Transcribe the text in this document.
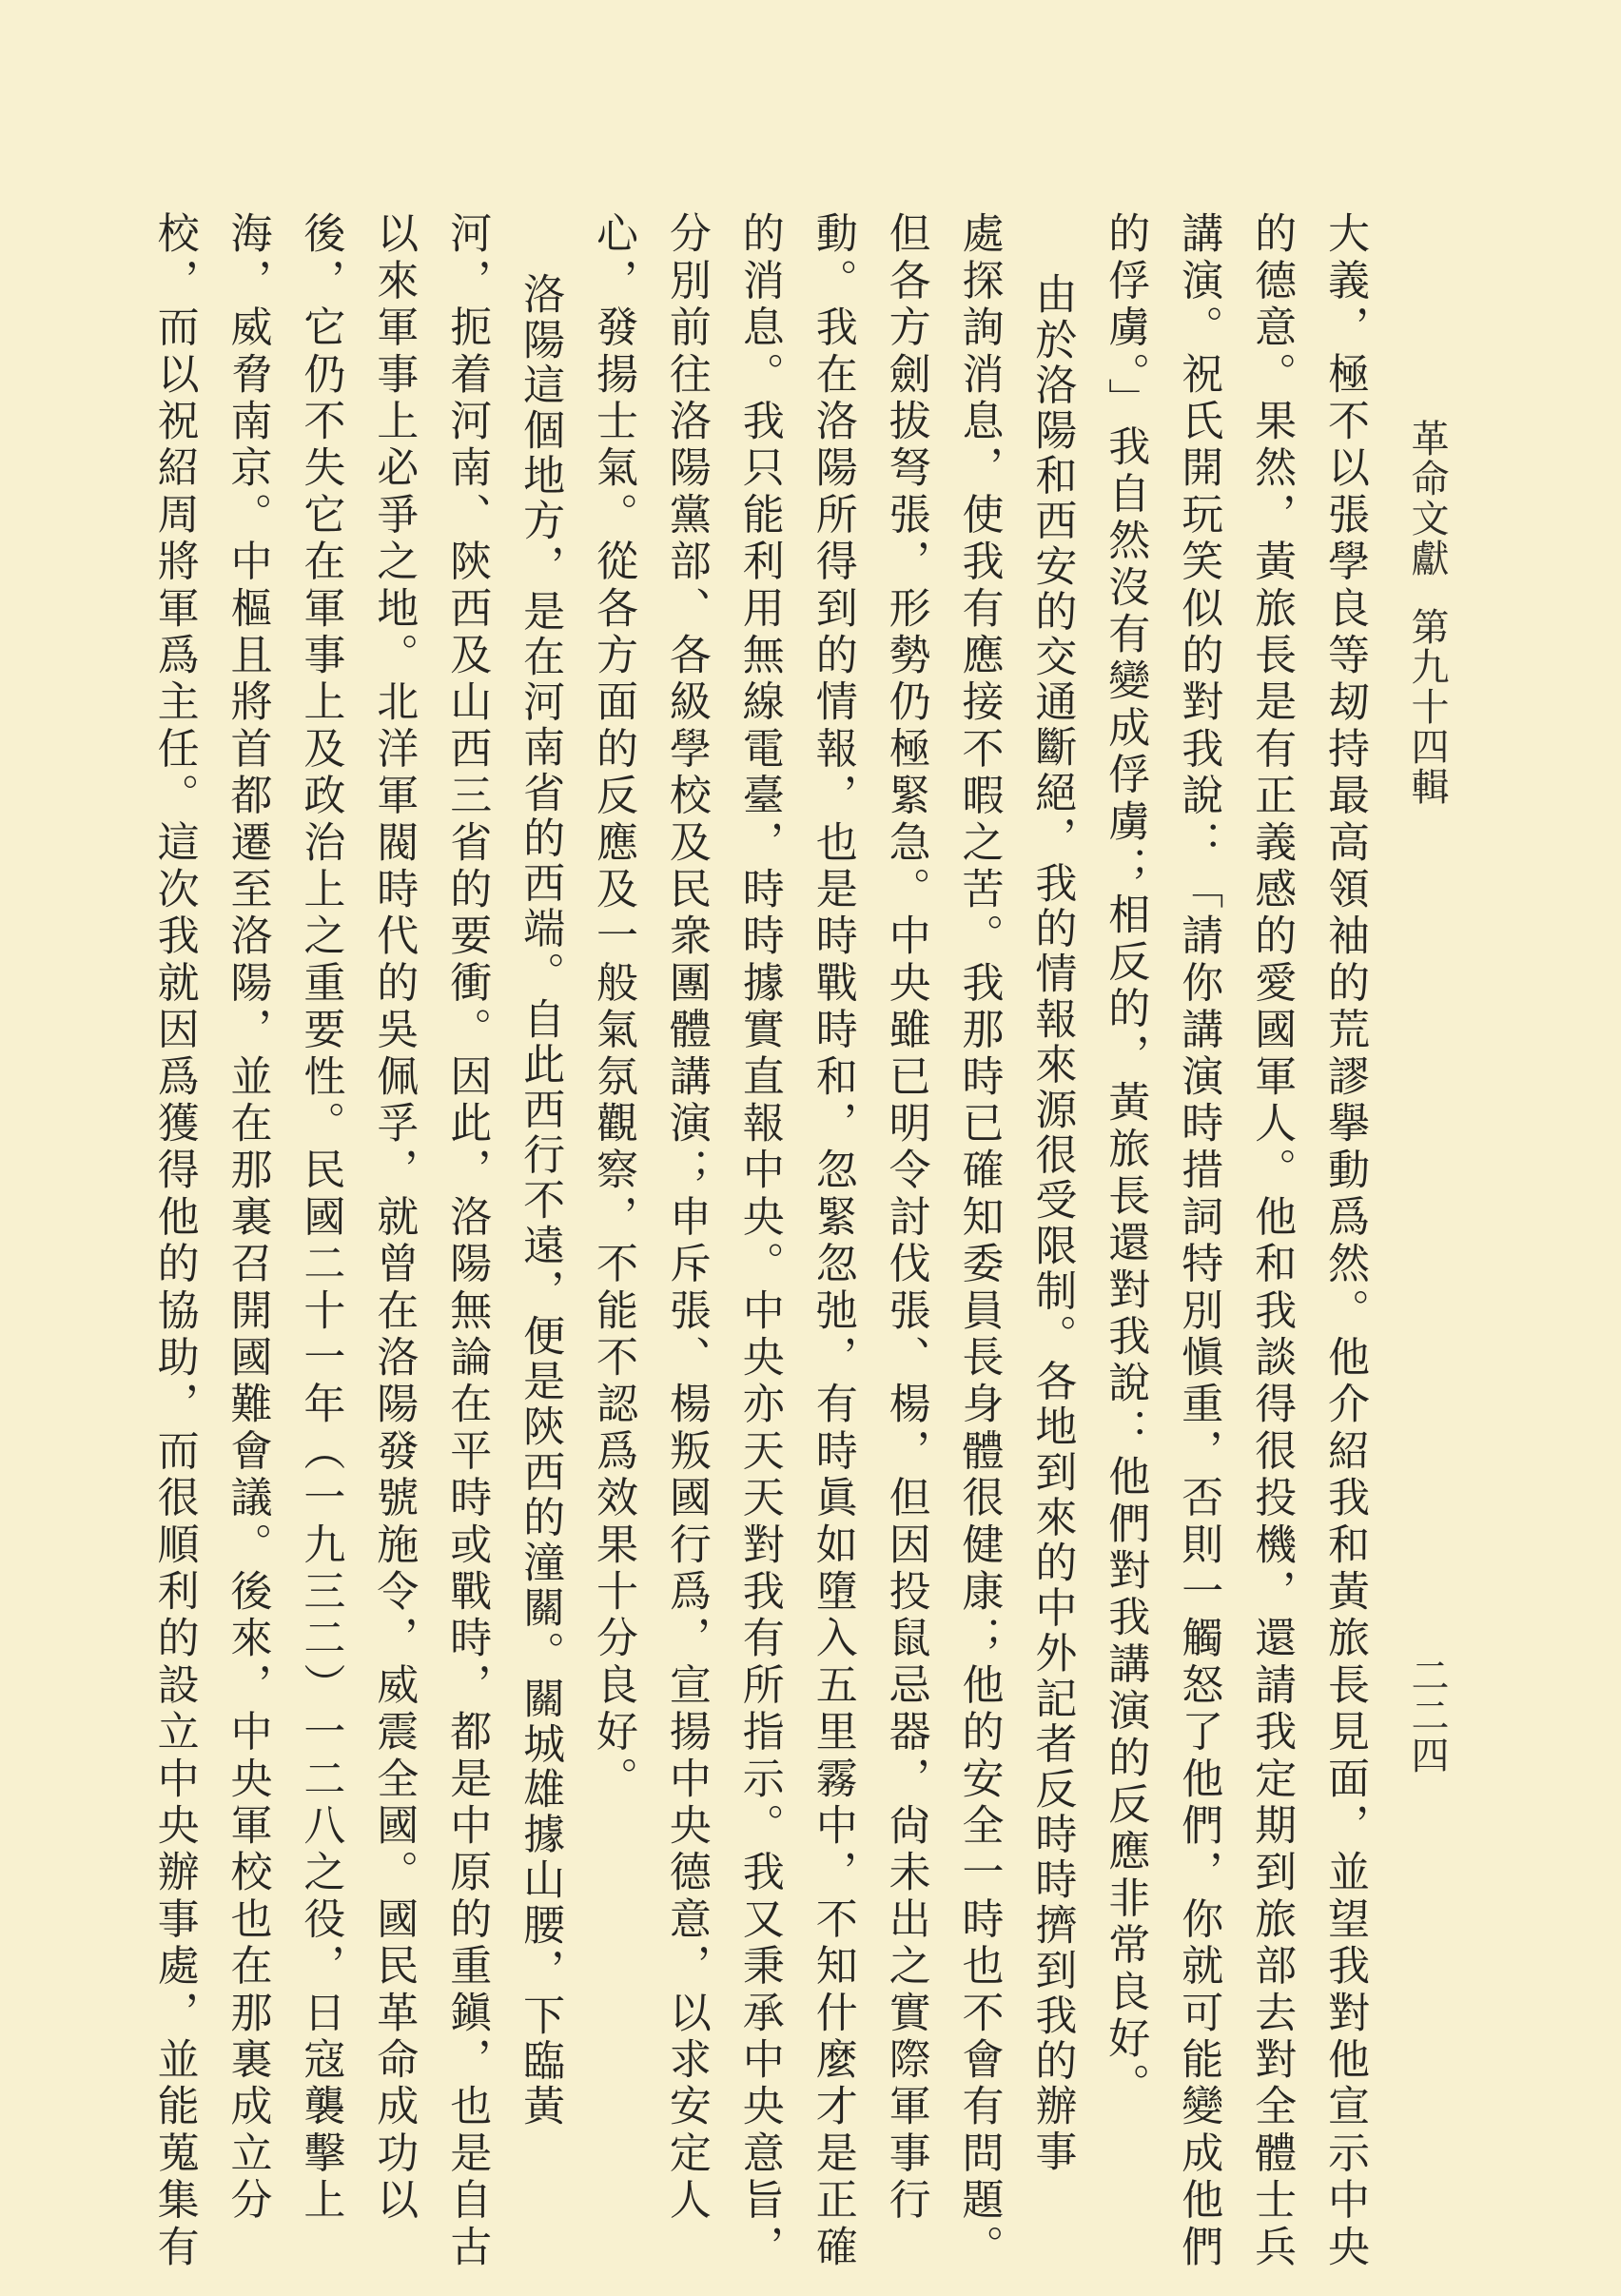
革命文獻第九十四輯
二二四
大義，極不以張學良等刼持最高領袖的荒謬擧動爲然。他介紹我和黃旅長見面，並望我對他宣示中央
的德意。果然，黃旅長是有正義感的愛國軍人。他和我談得很投機，還請我定期到旅部去對全體士兵
講演。祝氏開玩笑似的對我說：「請你講演時措詞特別愼重，否則一觸怒了他們，你就可能變成他們
的俘虜。」我自然沒有變成俘虜；相反的，黃旅長還對我說：他們對我講演的反應非常良好。
由於洛陽和西安的交通斷絕，我的情報來源很受限制。各地到來的中外記者反時時擠到我的辦事
處探詢消息，使我有應接不暇之苦。我那時已確知委員長身體很健康；他的安全一時也不會有問題。
但各方劍拔弩張，形勢仍極緊急。中央雖已明令討伐張、楊，但因投鼠忌器，尙未出之實際軍事行
動。我在洛陽所得到的情報，也是時戰時和，忽緊忽弛，有時眞如墮入五里霧中，不知什麼才是正確
的消息。我只能利用無線電臺，時時據實直報中央。中央亦天天對我有所指示。我又秉承中央意旨，
分別前往洛陽黨部、各級學校及民衆團體講演；申斥張、楊叛國行爲，宣揚中央德意，以求安定人
心，發揚士氣。從各方面的反應及一般氣氛觀察，不能不認爲效果十分良好。
洛陽這個地方，是在河南省的西端。自此西行不遠，便是陝西的潼關。關城雄據山腰，下臨黃
河，扼着河南、陝西及山西三省的要衝。因此，洛陽無論在平時或戰時，都是中原的重鎭，也是自古
以來軍事上必爭之地。北洋軍閥時代的吳佩孚，就曾在洛陽發號施令，威震全國。國民革命成功以
後，它仍不失它在軍事上及政治上之重要性。民國二十一年（一九三二）一二八之役，日寇襲擊上
海，威脅南京。中樞且將首都遷至洛陽，並在那裏召開國難會議。後來，中央軍校也在那裏成立分
校，而以祝紹周將軍爲主任。這次我就因爲獲得他的協助，而很順利的設立中央辦事處，並能蒐集有
